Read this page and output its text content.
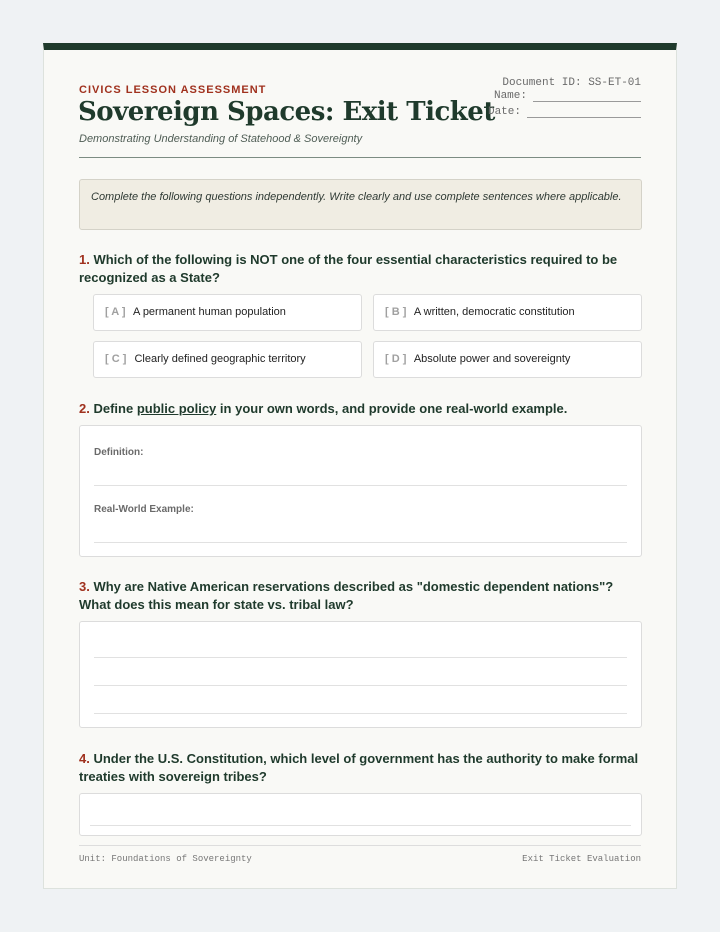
CIVICS LESSON ASSESSMENT
Sovereign Spaces: Exit Ticket
Demonstrating Understanding of Statehood & Sovereignty
Document ID: SS-ET-01
Name:
Date:
Complete the following questions independently. Write clearly and use complete sentences where applicable.
1. Which of the following is NOT one of the four essential characteristics required to be recognized as a State?
[ A ] A permanent human population	[ B ] A written, democratic constitution
[ C ] Clearly defined geographic territory	[ D ] Absolute power and sovereignty
2. Define public policy in your own words, and provide one real-world example.
Definition:
Real-World Example:
3. Why are Native American reservations described as "domestic dependent nations"? What does this mean for state vs. tribal law?
4. Under the U.S. Constitution, which level of government has the authority to make formal treaties with sovereign tribes?
Unit: Foundations of Sovereignty	Exit Ticket Evaluation
